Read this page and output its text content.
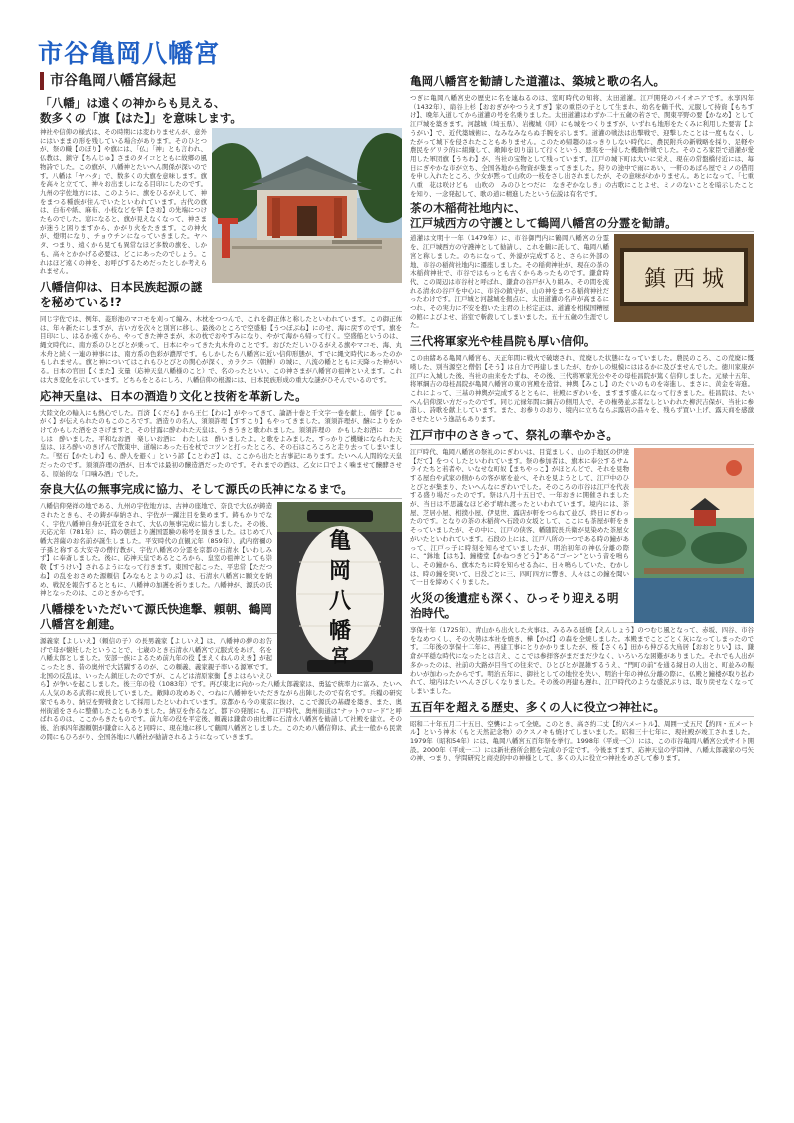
市谷亀岡八幡宮
市谷亀岡八幡宮縁起
「八幡」は遠くの神からも見える、
数多くの「旗【はた】」を意味します。

神社や信仰の様式は、その時期には変わりませんが、意外にはいままの形を残している場合があります。そのひとつが、祭の幟【のぼり】や旗には、「仏」「神」とも言われ、仏教は、鎮守【ちんじゅ】さまのタイコとともに故郷の風物詩でした。この旗が、八幡神とたいへん関係が深いのです。八幡は「ヤハタ」で、数多くの大旗を意味します。旗を高々と立てて、神々お出ましになる目印にしたのです。九州の宇佐地方には、このように、旗をひるがえして、神をまつる種族が住んでいたといわれています。古代の旗は、白布や紙、麻布、小枝などを竿【さお】の先端につけたものでした。窓になると、旗が見えなくなって、神さまが迷うと困りますから、かがり火をたきます。この神火が、燈明になり、チョウチンになっていきました。ヤハタ、つまり、遠くから見ても異常なほど多数の旗を、しかも、高々とかかげる必要は、どこにあったのでしょう。これはほど遠くの神を、お呼びするためだったとしか考えられません。

八幡信仰は、日本民族起源の謎を秘めている!?

同じ宇佐では、例年、菱形池のマコモを刈って編み、木枕をつつんで、これを御正体と称したといわれています。この御正体は、年々新たにしますが、古い方を次々と別宮に移し、最後のところで空盛船【うつぼぶね】にのせ、海に戻すのです。旗を目印にし、はるか遠くから、やってきた神さまが、木の枕でおやすみになり、やがて海から帰って行く。空盛船というのは、縄文時代に、南方系のひとびとが乗って、日本にやってきた丸木舟のことです。おびただしいひるがえる旗やマコモ、海、丸木舟と続く一連の神事には、南方系の色彩が濃厚です。もしかしたら八幡宮に近い信仰形態が、すでに縄文時代にあったのかもしれません。旗と神についてはこれもひとびとの関心が深く、カラクニ（朝鮮）の城に、八流の幡とともに天降った神がいる。日本の官田【くまた】支量（応神天皇八幡様のこと）で、名のったといい、この神さまが八幡宮の祖神といえます。これは大き変化を示しています。どちらをとるにしろ、八幡信仰の根源には、日本民族形成の重大な謎がひそんでいるのです。

応神天皇は、日本の酒造り文化と技術を革新した。

大陸文化の輸入にも熱心でした。百済【くだら】から王仁【わに】がやってきて、論語十巻と千文字一巻を献上、儒学【じゅがく】が伝えられたのもこのころです。酒造りの名人、須須許理【すすこり】もやってきました。須須許理が、醸によりをかけてかもした酒をささげますと、その甘露に酔われた天皇は、うきうきと歌われました。須須許理の　かもしたお酒に　わたしは　酔いました。平和なお酒　楽しいお酒に　わたしは　酔いましたよ。と歌をよみました。すっかりご機嫌になられた天皇は、ほろ酔いのきげんで散策中、道端にあった石を杖でコツンと打ったところ、その石はころころと走り去ってしまいました。「堅石【かたしわ】も、酔人を避く」という諺【ことわざ】は、ここから出たと古事記にあります。たいへん人間的な天皇だったのです。須須許理の酒が、日本では最初の醸造酒だったのです。それまでの酒は、乙女に口でよく噛ませて醸酵させる、原始的な「口噛み酒」でした。

奈良大仏の無事完成に協力、そして源氏の氏神になるまで。
亀
岡
八
幡
宮

八幡信仰発祥の地である、九州の宇佐地方は、古神の座地で、奈良で大仏が鋳造されたときも、その鋳が奉納され、宇佐が一躍注目を集めます。鋳もかりでなく、宇佐八幡神自身が託宣をされて、大仏の無事完成に協力しました。その後、天応元年（781年）に、時の朝廷より護国霊験の称号を頂きました。はじめて八幡大菩薩のお名前が誕生しました。平安時代の貞観元年（859年）、武内宿禰の子孫と称する大安寺の僧行教が、宇佐八幡宮の分霊を京都の石清水【いわしみず】に奉斎しました。後に、応神天皇であるところから、皇室の祖神としても崇敬【すうけい】されるようになって行きます。東国で起こった、平忠常【ただつね】の乱をおさめた源頼信【みなもとよりのぶ】は、石清水八幡宮に願文を納め、戦況を報告するとともに、八幡神の加護を祈りました。八幡神が、源氏の氏神となったのは、このときからです。

八幡様をいただいて源氏快進撃、頼朝、鶴岡八幡宮を創建。

源義家【よしいえ】（頼信の子）の長男義家【よしいえ】は、八幡神の夢のお告げで母が懐妊したということで、七歳のとき石清水八幡宮で元服式をあげ、名を八幡太郎としました。安部一族によるため前九年の役【まえくねんのえき】が起こったとき、昔の奥州で大活躍するのが、この頼義、義家親子率いる源軍です。北国の反乱は、いったん鎮圧したのですが、こんどは清原家衡【きよはらいえひら】が争いを起こしました。後三年の役（1083年）です。再び東北に向かった八幡太郎義家は、勇猛で統率力に富み、たいへん人気のある武将に成長していました。敵陣の攻めあぐ、つねに八幡神をいただきながら出陣したので有名です。兵糧の研究家でもあり、納豆を野戦食として採用したといわれています。京都から今の東京に抜け、ここで源氏の基礎を築き、また、奥州街道をさらに整備したこともありました。納豆を作るなど、都下の発展にも、江戸時代、奥州街道は“ナットウロード”と呼ばれるのは、ここからきたものです。前九年の役を平定後、頼義は鎌倉の由比郷に石清水八幡宮を勧請して社殿を建立。その後、治承四年源頼朝が鎌倉に入ると同時に、現在地に移して鶴岡八幡宮としました。このため八幡信仰は、武士一般から民衆の間にもひろがり、全国各地に八幡社が勧請されるようになっていきます。

亀岡八幡宮を勧請した道灌は、築城と歌の名人。

つぎに亀岡八幡宮史の歴史に名を連ねるのは、室町時代の知将、太田道灌。江戸開発のパイオニアです。永享四年（1432年）、扇谷上杉【おおぎがやつうえすぎ】家の重臣の子として生まれ、幼名を鶴千代、元服して持資【もちすけ】、晩年入道してから道灌の号を名乗りました。太田道灌はわずか二十五歳の若さで、関東平野の要【かなめ】として江戸城を築きます。河越城（埼玉県）、岩槻城（同）にも城をつくりますが、いずれも地形をたくみに利用した要害【ようがい】で、近代築城術に、なみなみならぬ手腕を示します。道灌の戦法は出撃戦で、迎撃したことは一度もなく、したがって城下を侵されたこともありません。このため帰趨のはっきりしない時代に、農民附兵の新戦略を採り、足軽や農民をゲリラ的に組織して、敵陣を切り崩して行くという、悪夷を一掃した機動作戦でした。そのころ家臣で道灌が愛用した軍団旗【うちわ】が、当社の宝物として残っています。江戸の城下町は大いに栄え、現在の常盤橋付近には、毎日にぎやかな市が立ち、全国各地から物資が集まってきました。狩りの途中で雨にあい、一軒のあばら屋でミノの借用を申し入れたところ、少女が黙って山吹の一枝をさし出されましたが、その意味がわかりません。あとになって、「七重八重　花は咲けども　山吹の　みのひとつだに　なきぞかなしき」の古歌にことよせ、ミノのないことを暗示したことを知り、一念発起して、歌の道に精進したという伝説は有名です。

茶の木稲荷社地内に、
江戸城西方の守護として鶴岡八幡宮の分霊を勧請。
鎮 西 城

道灌は文明十一年（1479年）に、市谷御門内に鶴岡八幡宮の分霊を、江戸城西方の守護神として勧請し、これを鶴に託して、亀岡八幡宮と称しました。のちになって、外濠が完成すると、さらに外部の地、市谷の稲荷社地内に遷座しました。その稲荷神社が、現在の茶の木稲荷神社で、市谷ではもっとも古くからあったものです。鎌倉時代、この周辺は市谷村と呼ばれ、鎌倉の谷戸が入り組み、その間を流れる清水の谷戸を中心に、市谷の鎮守が、山の神をまつる稲荷神社だったわけです。江戸城と河越城を拠点に、太田道灌の名声が高まるにつれ、その実力に不安を抱いた主君の上杉定正は、道灌を相模国糟屋の館によびよせ、浴室で斬殺してしまいました。五十五歳の生涯でした。

三代将軍家光や桂昌院も厚い信仰。

この由緒ある亀岡八幡宮も、天正年間に戦火で破壊され、荒廃した状態になっていました。農民のころ、この荒廃に慨嘆した、別当源空と僧侶【そう】は自力で再建しましたが、むかしの規模にははるかに及びませんでした。徳川家康が江戸に入城した後、当社の由来をたずね、その後、三代将軍家光公やその母桂昌院が篤く信仰しました。元禄十五年、将軍綱吉の母桂昌院が亀岡八幡宮の東の宮殿を造営、神輿【みこし】のたぐいのものを寄進し、まさに、黄金を寄進。これによって、三基の神輿が完成するとともに、社殿にぎわいを、ますます盛んになって行きました。桂昌院は、たいへん信仰深い方だったのです。同じ元禄年間に綱吉の側用人で、その権勢並ぶ者なしといわれた柳沢吉保が、当社に参詣し、詩歌を献上しています。また、お参りのおり、境内に立ちならぶ露店の品々を、残らず買い上げ、露天商を感激させたという逸話もあります。

江戸市中のさきって、祭礼の華やかさ。

江戸時代、亀岡八幡宮の祭礼のにぎわいは、目覚ましく、山の手地区の伊達【だて】をつくしたといわれています。祭の参加者は、旗本に奉公するサムライたちと若者や、いなせな町奴【まちやっこ】がほとんどで、それを見物する屋台や武家の側からの客が席を並べ、それを見ようとして、江戸中のひとびとが集まり、たいへんなにぎわいでした。そのころの市谷は江戸を代表する盛り場だったのです。祭は八月十五日で、一年おきに開催されましたが、当日は不思議なほど必ず晴れ渡ったといわれています。境内には、茶屋、芝居小屋、相撲小屋、伊見世、露店が軒をつらねて並び、終日にぎわったのです。となりの茶の木稲荷へ石段の女坂として、ここにも茶屋が軒をきそっていましたが、その中に、江戸の侠客、幡随院長兵衛が見染めた茶屋女がいたといわれています。石段の上には、江戸八所の一つである時の鐘があって、江戸っ子に時刻を知らせていましたが、明治初年の神仏分離の際に、“鉢地【はち】、鐘楼堂【かねつきどう】”ある“ゴーン”という音を鳴らし、その鐘から、旗本たちに時を知らせる為に、日々鳴らしていた、むかしは、時の鐘を突いて、日没ごとに三、四町四方に響き、人々はこの鐘を聞いて一日を締めくくりました。

火災の後遺症も深く、ひっそり迎える明治時代。

享保十年（1725年）、青山から出火した火事は、みるみる延焼【えんしょう】のつむじ風となって、赤坂、四谷、市谷をなめつくし、その火勢は本社を焼き、樺【かば】の森を全焼しました。本殿までことごとく灰になってしまったのです。二年後の享保十二年に、再建工事にとりかかりましたが、桜【さくら】田から伸びる大鳥居【おおとりい】は、鎌倉が平穏な時代になったとは言え、ここでは参拝客がまだまだ少なく、いろいろな困難がありました。それでも人出が多かったのは、社前の大路が目当ての往来で、ひとびとが混雑するうえ、“門町の前”を通る縁日の人出と、町並みの賑わいが加わったからです。明治五年に、御社としての地位を失い、明治十年の神仏分離の際に、仏殿と鐘楼が取り払われて、境内はたいへんさびしくなりました。その後の再建も遅れ、江戸時代のような盛況ぶりは、取り戻せなくなってしまいました。

五百年を超える歴史、多くの人に役立つ神社に。

昭和二十年五月二十五日、空襲によって全焼。このとき、高さ約二丈【約六メートル】、周囲一丈五尺【約四・五メートル】という神木（もと天然記念物）のクスノキも焼けてしまいました。昭和三十七年に、現社殿が竣工されました。1979年（昭和54年）には、亀岡八幡宮五百年祭を挙行。1998年（平成一〇）には、この市谷亀岡八幡宮公式サイト開設。2000年（平成一二）には新社務所会館を完成の予定です。今後ますます、応神天皇の学問神、八幡太郎義家の弓矢の神、つまり、学問研究と商売的中の神様として、多くの人に役立つ神社をめざして参ります。
